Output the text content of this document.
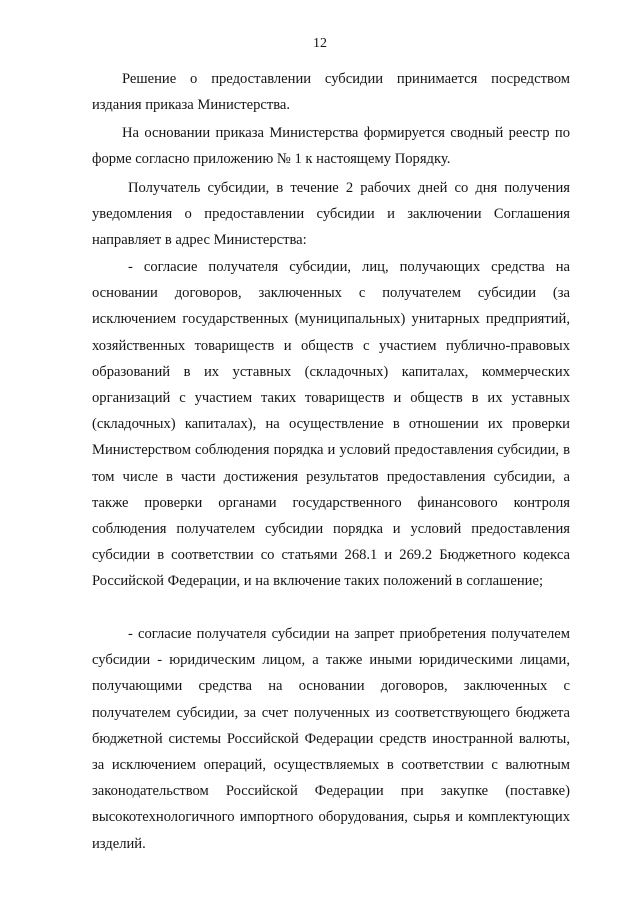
12

Решение о предоставлении субсидии принимается посредством издания приказа Министерства.

На основании приказа Министерства формируется сводный реестр по форме согласно приложению № 1 к настоящему Порядку.

Получатель субсидии, в течение 2 рабочих дней со дня получения уведомления о предоставлении субсидии и заключении Соглашения направляет в адрес Министерства:

- согласие получателя субсидии, лиц, получающих средства на основании договоров, заключенных с получателем субсидии (за исключением государственных (муниципальных) унитарных предприятий, хозяйственных товариществ и обществ с участием публично-правовых образований в их уставных (складочных) капиталах, коммерческих организаций с участием таких товариществ и обществ в их уставных (складочных) капиталах), на осуществление в отношении их проверки Министерством соблюдения порядка и условий предоставления субсидии, в том числе в части достижения результатов предоставления субсидии, а также проверки органами государственного финансового контроля соблюдения получателем субсидии порядка и условий предоставления субсидии в соответствии со статьями 268.1 и 269.2 Бюджетного кодекса Российской Федерации, и на включение таких положений в соглашение;

- согласие получателя субсидии на запрет приобретения получателем субсидии - юридическим лицом, а также иными юридическими лицами, получающими средства на основании договоров, заключенных с получателем субсидии, за счет полученных из соответствующего бюджета бюджетной системы Российской Федерации средств иностранной валюты, за исключением операций, осуществляемых в соответствии с валютным законодательством Российской Федерации при закупке (поставке) высокотехнологичного импортного оборудования, сырья и комплектующих изделий.
